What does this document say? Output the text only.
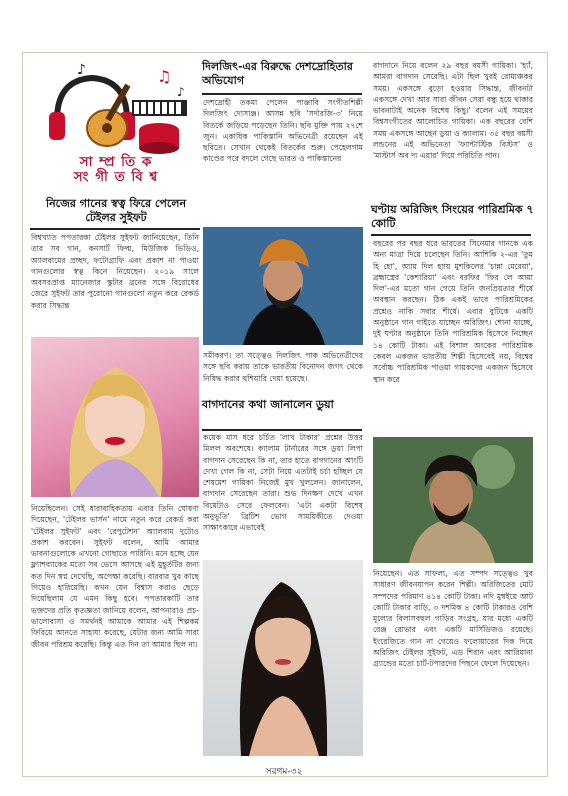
♪	♫
♪
সা ম্প্র তি ক
সং গী ত বি শ্ব
নিজের গানের স্বত্ব ফিরে পেলেন টেইলর সুইফট

বিশ্বখ্যাত পপতারকা টেইলর সুইফট জানিয়েছেন, তিনি তার সব গান, কনসার্ট ফিল্ম, মিউজিক ভিডিও, অ্যালবামের প্রচ্ছদ, ফটোগ্রাফি এবং প্রকাশ না পাওয়া গানগুলোর স্বত্ব কিনে নিয়েছেন। ২০১৯ সালে অবসরপ্রাপ্ত ম্যানেজার স্কুটার ব্রনের সঙ্গে বিরোধের জেরে সুইফট তার পুরোনো গানগুলো নতুন করে রেকর্ড করার সিদ্ধান্ত

নিয়েছিলেন। সেই ধারাবাহিকতায় এবার তিনি ঘোষণা দিয়েছেন, 'টেইলর ভার্সন' নামে নতুন করে রেকর্ড করা 'টেইলর সুইফট' এবং 'রেপুটেশন' অ্যালবাম দুটোও প্রকাশ করবেন। সুইফট বলেন, আমি আমার ভাবনাগুলোকে এখনো গোছাতে পারিনি। মনে হচ্ছে যেন ফ্ল্যাশব্যাকের মতো সব ভেসে আসছে এই মুহূর্তটির জন্য কত দিন স্বপ্ন দেখেছি, অপেক্ষা করেছি। বারবার খুব কাছে গিয়েও হারিয়েছি। কখন যেন বিশ্বাস করাও ছেড়ে দিয়েছিলাম যে এমন কিছু হবে। পপতারকাটি তার ভক্তদের প্রতি কৃতজ্ঞতা জানিয়ে বলেন, আপনারাও প্রচ- ভালোবাসা ও সমর্থনই আমাকে আমার এই শিল্পকর্ম ফিরিয়ে আনতে সাহায্য করেছে, যেটার জন্য আমি সারা জীবন পরিশ্রম করেছি। কিন্তু এত দিন তা আমার ছিল না।

দিলজিৎ-এর বিরুদ্ধে দেশদ্রোহিতার অভিযোগ

দেশদ্রোহী তকমা পেলেন পাঞ্জাবি সংগীতশিল্পী দিলজিৎ দোসাঞ্জ। আসন্ন ছবি 'সর্দারজি-৩' নিয়ে বিতর্কে জড়িয়ে পড়েছেন তিনি। ছবি মুক্তি পায় ২৭শে জুন। একাধিক পাকিস্তানি অভিনেত্রী রয়েছেন এই ছবিতে। সেখান থেকেই বিতর্কের শুরু। পেহেলগাম কাণ্ডের পরে বদলে গেছে ভারত ও পাকিস্তানের

সমীকরণ। তা সত্ত্বেও দিলজিৎ পাক অভিনেত্রীদের সঙ্গে ছবি করায় তাকে ভারতীয় বিনোদন জগৎ থেকে নিষিদ্ধ করার হুশিয়ারি দেয়া হয়েছে।

বাগদানের কথা জানালেন ডুয়া

কয়েক মাস ধরে চর্চিত 'লাখ টাকার' প্রশ্নের উত্তর মিলল অবশেষে। ক্যালাম টার্নারের সঙ্গে ডুয়া লিপা বাগদান সেরেছেন কি না, তার হাতে বাগদানের আংটি দেখা গেল কি না, সেটা নিয়ে এতটাই চর্চা হচ্ছিল যে শেষমেশ গায়িকা নিজেই মুখ খুললেন। জানালেন, বাগদান সেরেছেন তারা। শুভ দিনক্ষণ দেখে এখন বিয়েটাও সেরে ফেলবেন। 'এটা একটা বিশেষ অনুভূতি' ব্রিটিশ ভোগ সাময়িকীতে দেওয়া সাক্ষাৎকারে এভাবেই

বাগদানে নিয়ে বলেন ২৯ বছর বয়সী গায়িকা। 'হ্যাঁ, আমরা বাগদান সেরেছি। এটা ছিল খুবই রোমাঞ্চকর সময়। একসঙ্গে বুড়ো হওয়ার সিদ্ধান্ত, জীবনটা একসঙ্গে দেখা আর সারা জীবন সেরা বন্ধু হয়ে থাকার ভাবনাটাই অনেক বিশেষ কিছু।' বলেন এই সময়ের বিশ্বসংগীতের আলোচিত গায়িকা। এক বছরের বেশি সময় একসঙ্গে আছেন ডুয়া ও ক্যালাম। ৩৫ বছর বয়সী লন্ডনের এই অভিনেতা 'ফ্যান্টাস্টিক বিস্টস' ও 'মাস্টার্স অব দ্য এয়ার' দিয়ে পরিচিতি পান।

ঘণ্টায় অরিজিৎ সিংয়ের পারিশ্রমিক ৭ কোটি

বছরের পর বছর ধরে ভারতের সিনেমার গানকে এক অন্য মাত্রা দিয়ে চলেছেন তিনি। আশিকি ২-এর 'তুম হি হো', অ্যায় দিল হ্যায় মুশকিলের 'চান্না মেরেয়া', ব্রহ্মাস্ত্রের 'কেশারিয়া' এবং বরফির 'ফির লে আয়া দিল'-এর মতো গান গেয়ে তিনি জনপ্রিয়তার শীর্ষে অবস্থান করছেন। ঠিক একই ভাবে পারিশ্রমিকের প্রশ্নেও নাকি সবার শীর্ষে। এবার বুটিকে একটি অনুষ্ঠানে গান গাইতে যাচ্ছেন অরিজিৎ। শোনা যাচ্ছে, দুই ঘণ্টার অনুষ্ঠানে তিনি পারিশ্রমিক হিসেবে নিচ্ছেন ১৪ কোটি টাকা। এই বিশাল অংকের পারিশ্রমিক কেবল একজন ভারতীয় শিল্পী হিসেবেই নয়, বিশ্বের সর্বোচ্চ পারিশ্রমিক পাওয়া গায়কদের একজন হিসেবে স্থান করে

নিয়েছেন। এত সাফল্য, এত সম্পদ সত্ত্বেও খুব সাধারণ জীবনযাপন করেন শিল্পী। অরিজিতের মোট সম্পদের পরিমাণ ৪১৪ কোটি টাকা। নদি মুম্বইয়ে আট কোটি টাকার বাড়ি, ৩ দশমিক ৪ কোটি টাকারও বেশি মূল্যের বিলাসবহুল গাড়ির সংগ্রহ, যার মধ্যে একটি রেঞ্জ রোভার এবং একটি মার্সিডিজও রয়েছে। ইংরেজিতে গান না গেয়েও ফলোয়ারের দিক দিয়ে অরিজিৎ টেইলর সুইফট, এড শিরান এবং আরিয়ানা গ্র্যান্ডের মতো চার্ট-টপারদের পিছনে ফেলে দিয়েছেন।

সরগম-৩২
